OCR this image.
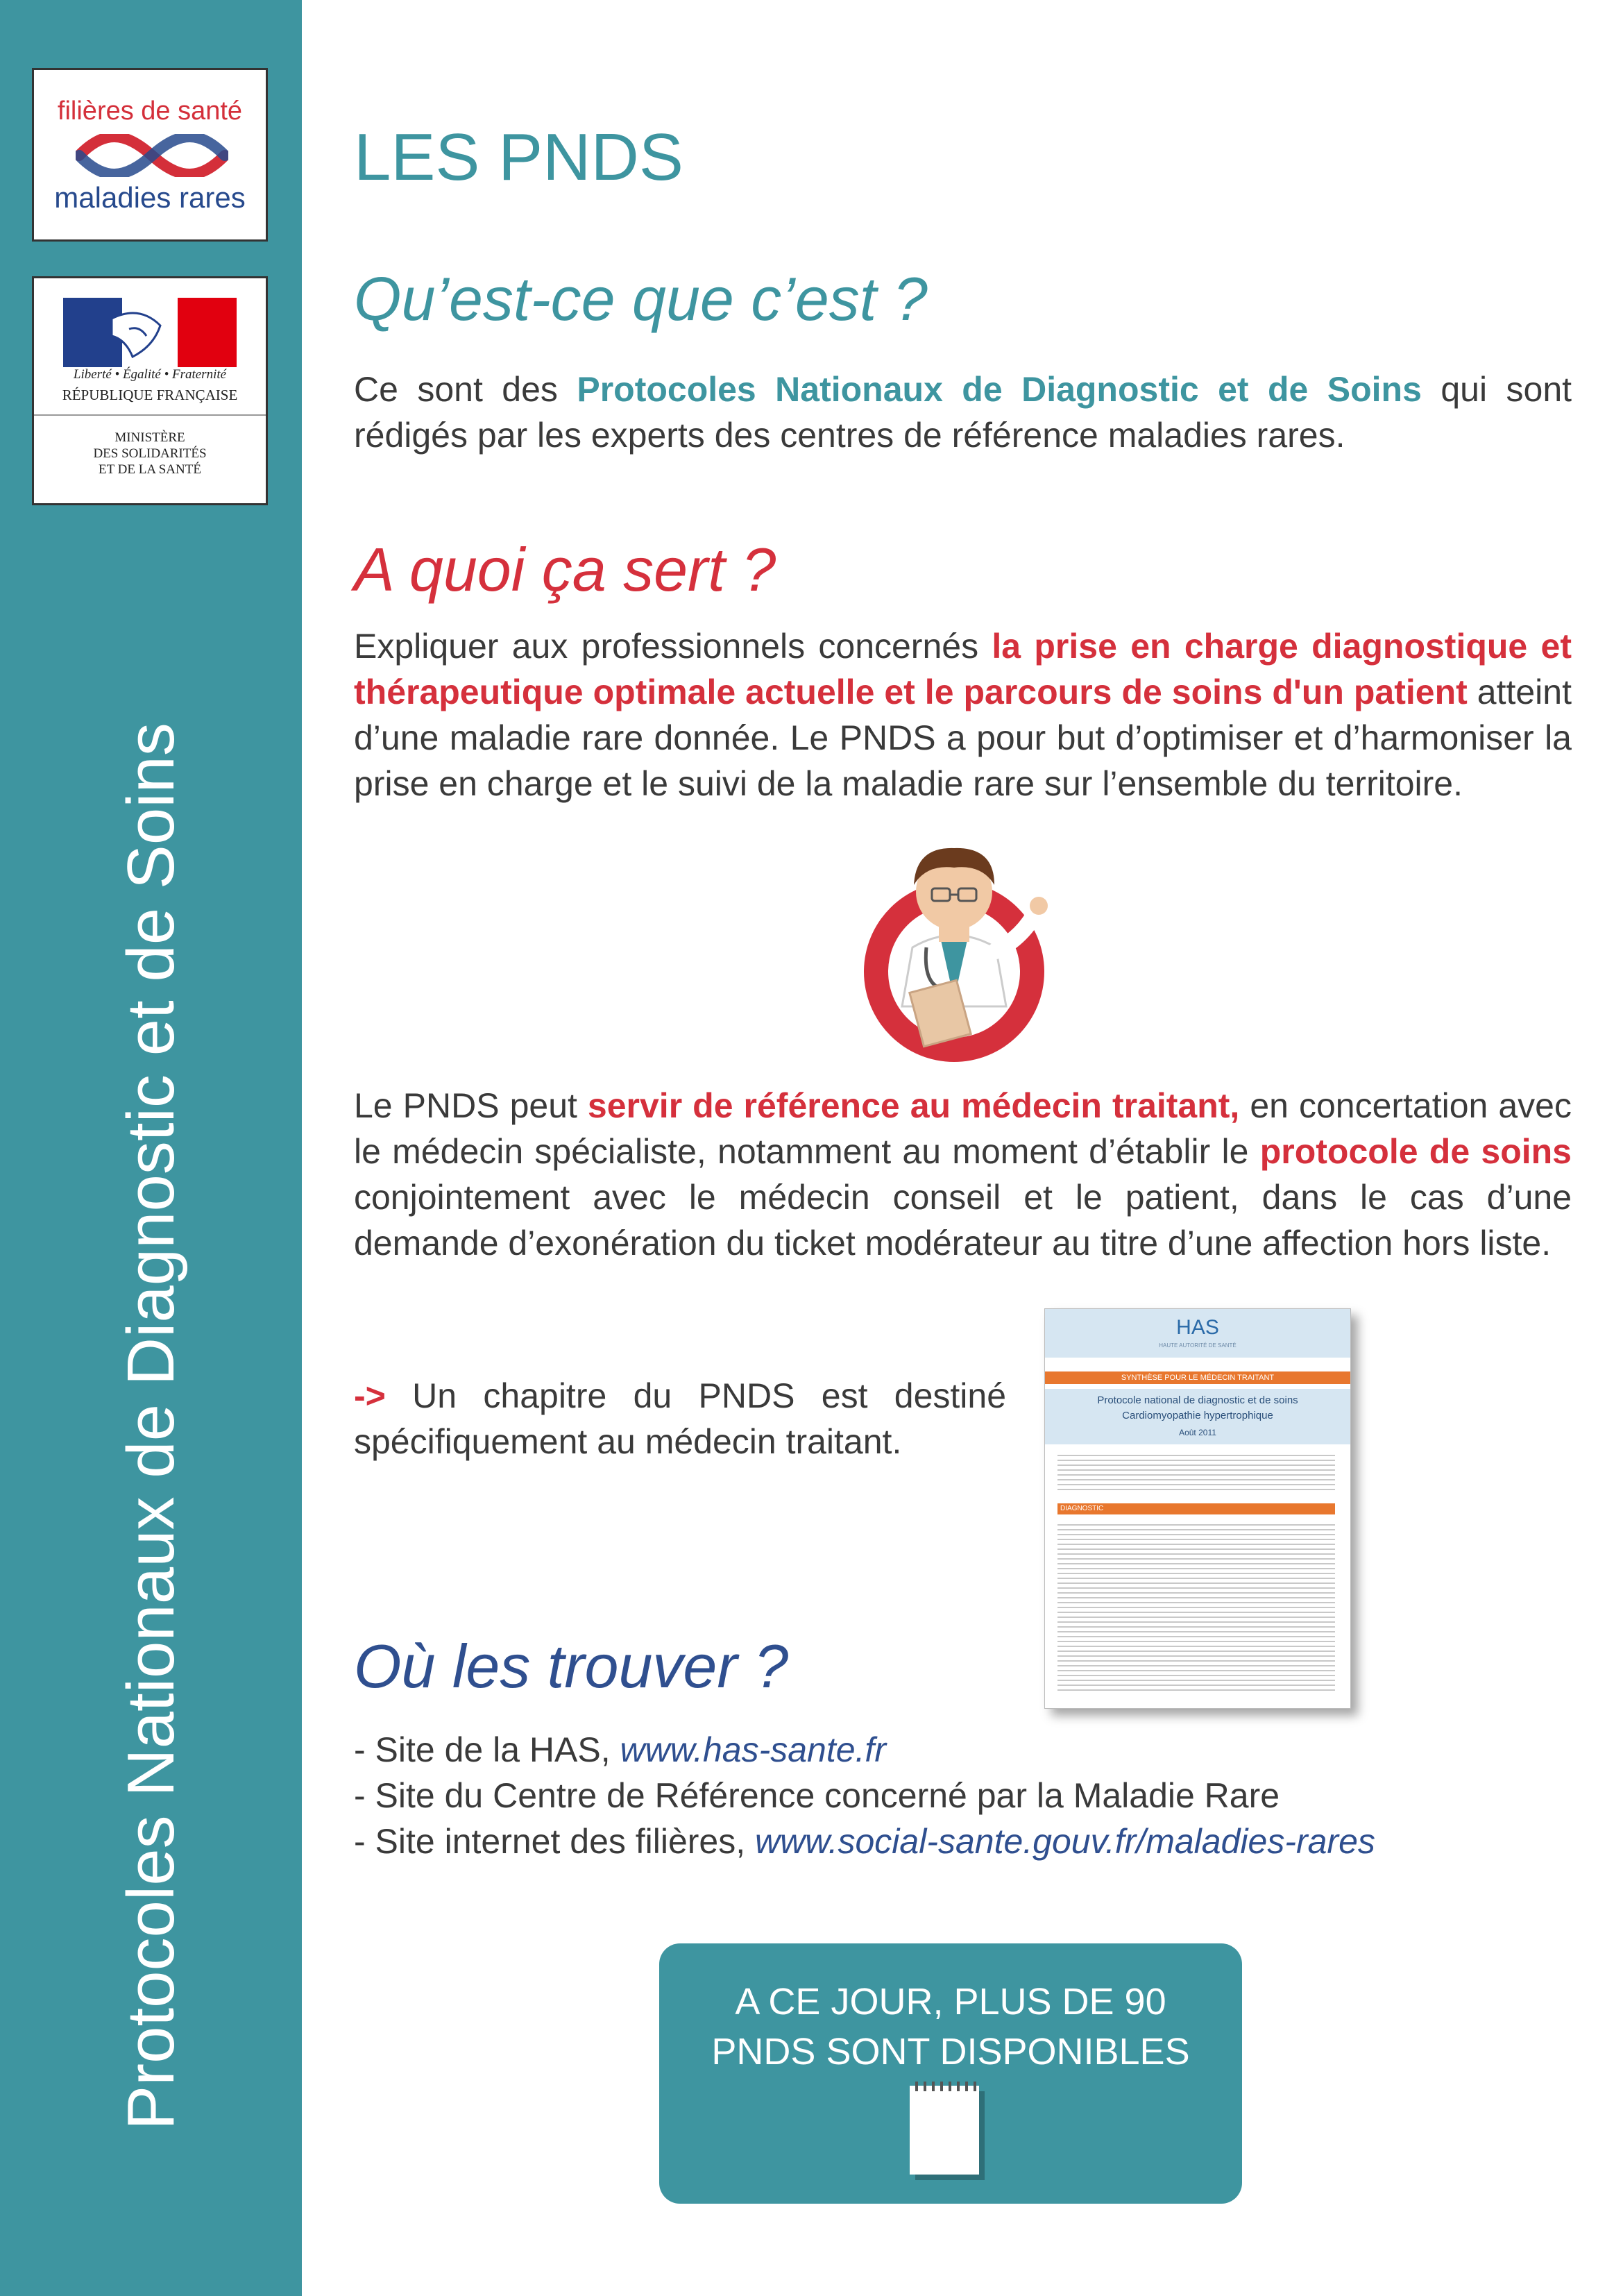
filières de santé
maladies rares
Liberté • Égalité • Fraternité
RÉPUBLIQUE FRANÇAISE
MINISTÈRE
DES SOLIDARITÉS
ET DE LA SANTÉ
Protocoles Nationaux de Diagnostic et de Soins
LES PNDS
Qu’est-ce que c’est ?
Ce sont des Protocoles Nationaux de Diagnostic et de Soins qui sont rédigés par les experts des centres de référence maladies rares.
A quoi ça sert ?
Expliquer aux professionnels concernés la prise en charge diagnostique et thérapeutique optimale actuelle et le parcours de soins d'un patient atteint d’une maladie rare donnée. Le PNDS a pour but d’optimiser et d’harmoniser la prise en charge et le suivi de la maladie rare sur l’ensemble du territoire.
Le PNDS peut servir de référence au médecin traitant, en concertation avec le médecin spécialiste, notamment au moment d’établir le protocole de soins conjointement avec le médecin conseil et le patient, dans le cas d’une demande d’exonération du ticket modérateur au titre d’une affection hors liste.
-> Un chapitre du PNDS est destiné spécifiquement au médecin traitant.
HAS
HAUTE AUTORITÉ DE SANTÉ
SYNTHÈSE POUR LE MÉDECIN TRAITANT
Protocole national de diagnostic et de soins
Cardiomyopathie hypertrophique
Août 2011
DIAGNOSTIC
Où les trouver ?
- Site de la HAS, www.has-sante.fr
- Site du Centre de Référence concerné par la Maladie Rare
- Site internet des filières, www.social-sante.gouv.fr/maladies-rares
A CE JOUR, PLUS DE 90
PNDS SONT DISPONIBLES
